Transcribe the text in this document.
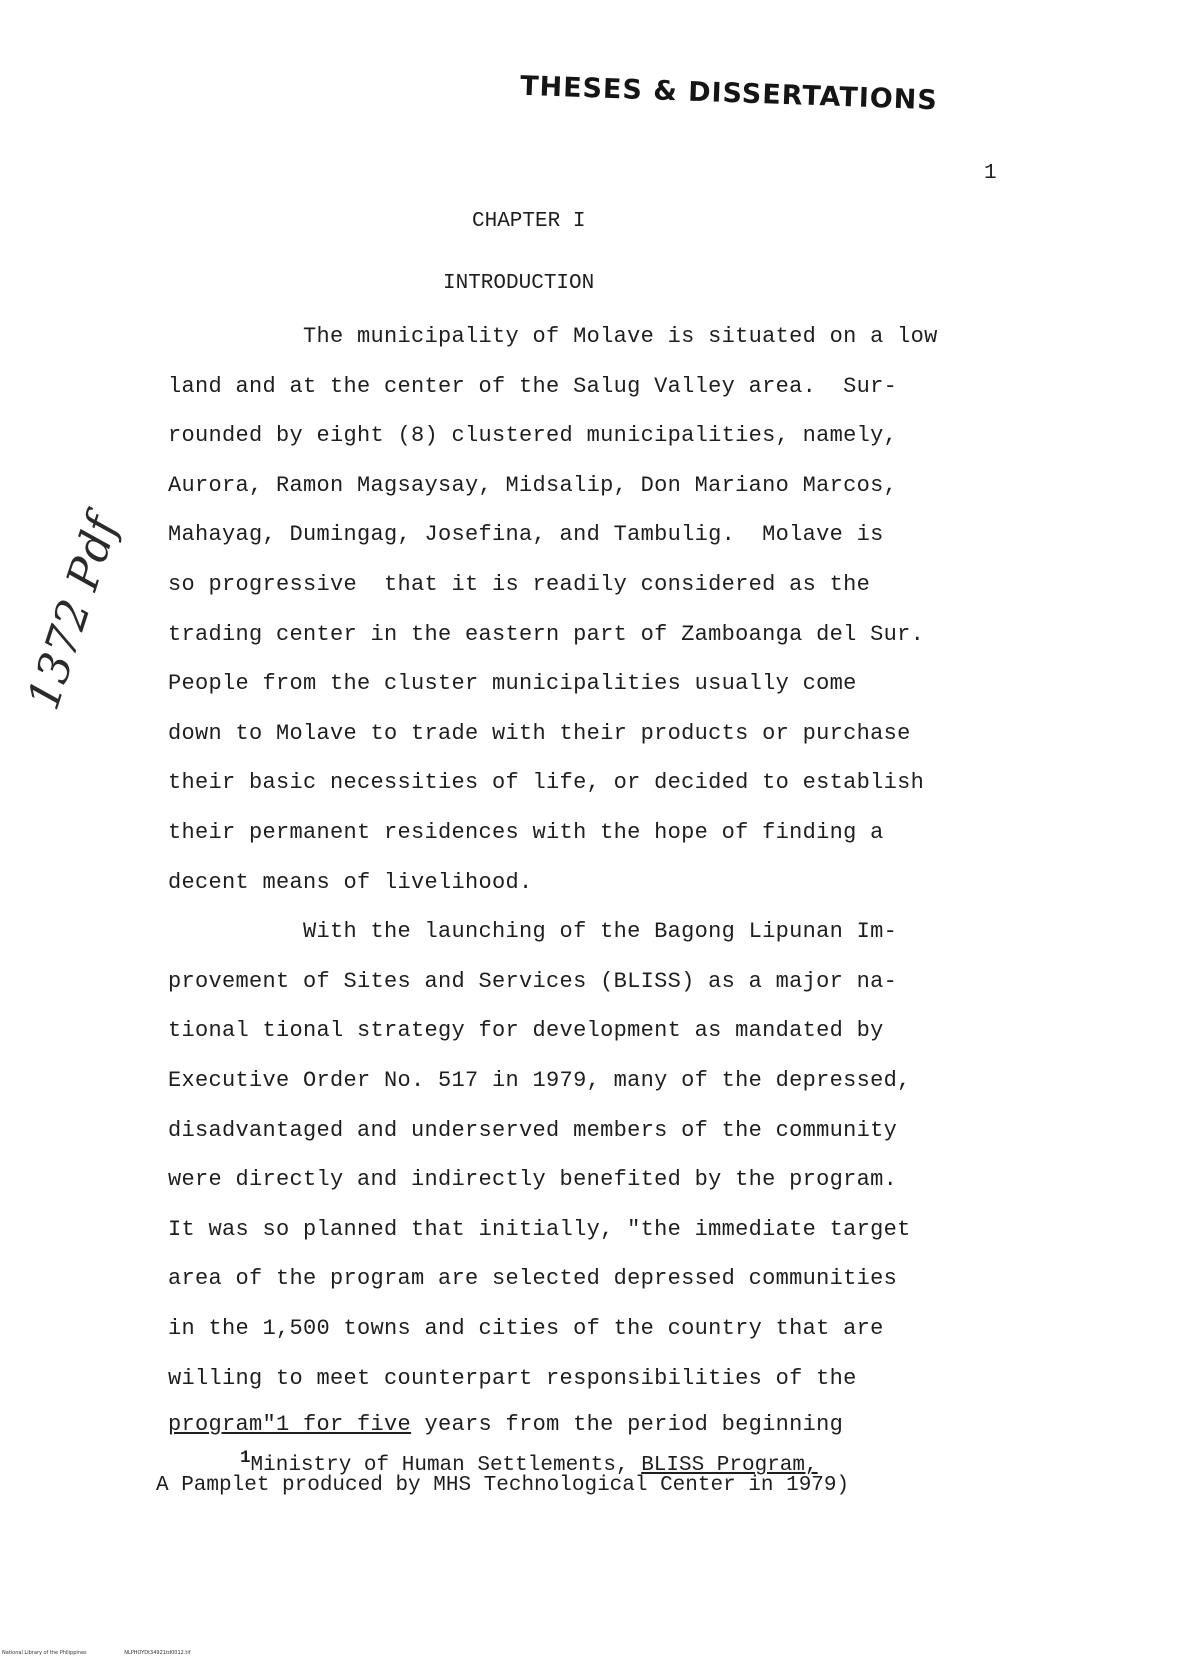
THESES & DISSERTATIONS
1
CHAPTER I
INTRODUCTION
1372 Pdf
The municipality of Molave is situated on a low
land and at the center of the Salug Valley area.  Sur-
rounded by eight (8) clustered municipalities, namely,
Aurora, Ramon Magsaysay, Midsalip, Don Mariano Marcos,
Mahayag, Dumingag, Josefina, and Tambulig.  Molave is
so progressive  that it is readily considered as the
trading center in the eastern part of Zamboanga del Sur.
People from the cluster municipalities usually come
down to Molave to trade with their products or purchase
their basic necessities of life, or decided to establish
their permanent residences with the hope of finding a
decent means of livelihood.
With the launching of the Bagong Lipunan Im-
provement of Sites and Services (BLISS) as a major na-
tional tional strategy for development as mandated by
Executive Order No. 517 in 1979, many of the depressed,
disadvantaged and underserved members of the community
were directly and indirectly benefited by the program.
It was so planned that initially, "the immediate target
area of the program are selected depressed communities
in the 1,500 towns and cities of the country that are
willing to meet counterpart responsibilities of the
program"1 for five years from the period beginning
$^1$Ministry of Human Settlements, BLISS Program,
A Pamplet produced by MHS Technological Center in 1979)
National Library of the Philippines	NLPHOYDt34921td0012.tif
